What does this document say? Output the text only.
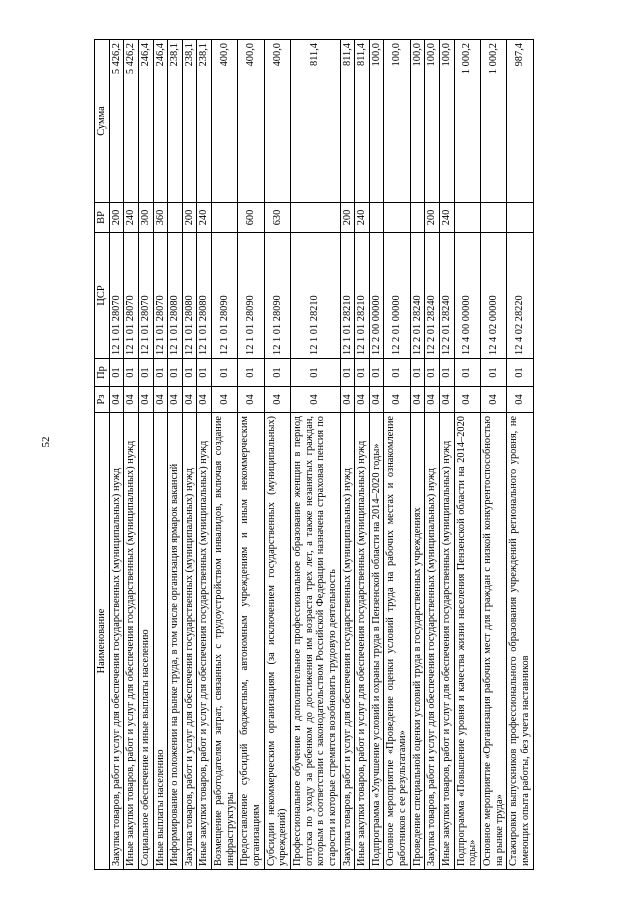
52
Наименование	Рз	Пр	ЦСР	ВР	Сумма
Закупка товаров, работ и услуг для обеспечения государственных (муниципальных) нужд	04	01	12 1 01 28070	200	5 426,2
Иные закупки товаров, работ и услуг для обеспечения государственных (муниципальных) нужд	04	01	12 1 01 28070	240	5 426,2
Социальное обеспечение и иные выплаты населению	04	01	12 1 01 28070	300	246,4
Иные выплаты населению	04	01	12 1 01 28070	360	246,4
Информирование о положении на рынке труда, в том числе организация ярмарок вакансий	04	01	12 1 01 28080		238,1
Закупка товаров, работ и услуг для обеспечения государственных (муниципальных) нужд	04	01	12 1 01 28080	200	238,1
Иные закупки товаров, работ и услуг для обеспечения государственных (муниципальных) нужд	04	01	12 1 01 28080	240	238,1
Возмещение работодателям затрат, связанных с трудоустройством инвалидов, включая создание инфраструктуры	04	01	12 1 01 28090		400,0
Предоставление субсидий бюджетным, автономным учреждениям и иным некоммерческим организациям	04	01	12 1 01 28090	600	400,0
Субсидии некоммерческим организациям (за исключением государственных (муниципальных) учреждений)	04	01	12 1 01 28090	630	400,0
Профессиональное обучение и дополнительное профессиональное образование женщин в период отпуска по уходу за ребенком до достижения им возраста трех лет, а также незанятых граждан, которым в соответствии с законодательством Российской Федерации назначена страховая пенсия по старости и которые стремятся возобновить трудовую деятельность	04	01	12 1 01 28210		811,4
Закупка товаров, работ и услуг для обеспечения государственных (муниципальных) нужд	04	01	12 1 01 28210	200	811,4
Иные закупки товаров, работ и услуг для обеспечения государственных (муниципальных) нужд	04	01	12 1 01 28210	240	811,4
Подпрограмма «Улучшение условий и охраны труда в Пензенской области на 2014–2020 годы»	04	01	12 2 00 00000		100,0
Основное мероприятие «Проведение оценки условий труда на рабочих местах и ознакомление работников с ее результатами»	04	01	12 2 01 00000		100,0
Проведение специальной оценки условий труда в государственных учреждениях	04	01	12 2 01 28240		100,0
Закупка товаров, работ и услуг для обеспечения государственных (муниципальных) нужд	04	01	12 2 01 28240	200	100,0
Иные закупки товаров, работ и услуг для обеспечения государственных (муниципальных) нужд	04	01	12 2 01 28240	240	100,0
Подпрограмма «Повышение уровня и качества жизни населения Пензенской области на 2014–2020 годы»	04	01	12 4 00 00000		1 000,2
Основное мероприятие «Организация рабочих мест для граждан с низкой конкурентоспособностью на рынке труда»	04	01	12 4 02 00000		1 000,2
Стажировки выпускников профессионального образования учреждений регионального уровня, не имеющих опыта работы, без учета наставников	04	01	12 4 02 28220		987,4
